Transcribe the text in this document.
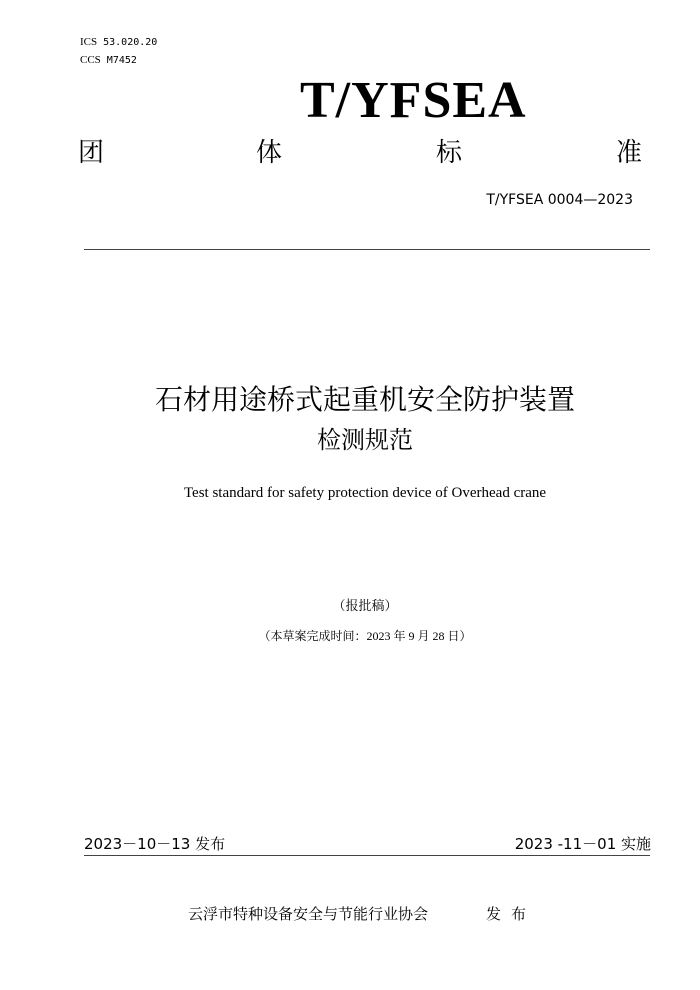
ICS 53.020.20
CCS M7452
T/YFSEA
团	体	标	准
T/YFSEA 0004—2023
石材用途桥式起重机安全防护装置
检测规范
Test standard for safety protection device of Overhead crane
（报批稿）
（本草案完成时间：2023 年 9 月 28 日）
2023－10－13 发布	2023 -11－01 实施
云浮市特种设备安全与节能行业协会	发布
